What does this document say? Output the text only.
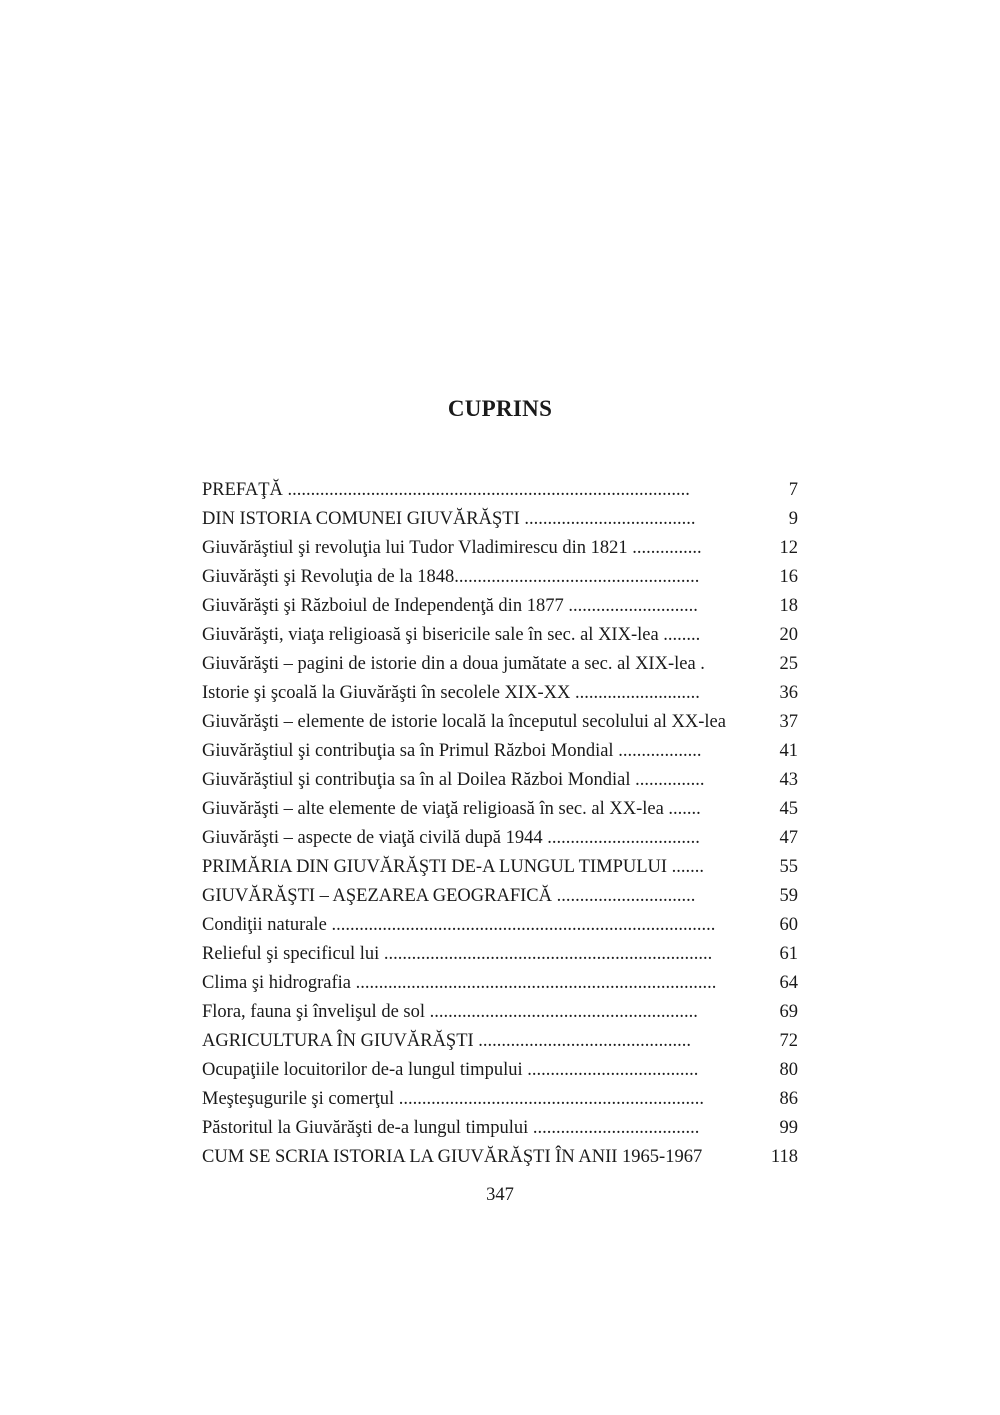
CUPRINS
PREFAŢĂ .......................................................................................	7
DIN ISTORIA COMUNEI GIUVĂRĂŞTI .....................................	9
Giuvărăştiul şi revoluţia lui Tudor Vladimirescu din 1821 ...............	12
Giuvărăşti şi Revoluţia de la 1848.....................................................	16
Giuvărăşti şi Războiul de Independenţă din 1877 ............................	18
Giuvărăşti, viaţa religioasă şi bisericile sale în sec. al XIX-lea ........	20
Giuvărăşti – pagini de istorie din a doua jumătate a sec. al XIX-lea .	25
Istorie şi şcoală la Giuvărăşti în secolele XIX-XX ...........................	36
Giuvărăşti – elemente de istorie locală la începutul secolului al XX-lea	37
Giuvărăştiul şi contribuţia sa în Primul Război Mondial ..................	41
Giuvărăştiul şi contribuţia sa în al Doilea Război Mondial ...............	43
Giuvărăşti – alte elemente de viaţă religioasă în sec. al XX-lea .......	45
Giuvărăşti – aspecte de viaţă civilă după 1944 .................................	47
PRIMĂRIA DIN GIUVĂRĂŞTI DE-A LUNGUL TIMPULUI .......	55
GIUVĂRĂŞTI – AŞEZAREA GEOGRAFICĂ ..............................	59
Condiţii naturale ...................................................................................	60
Relieful şi specificul lui .......................................................................	61
Clima şi hidrografia ..............................................................................	64
Flora, fauna şi învelişul de sol ..........................................................	69
AGRICULTURA ÎN GIUVĂRĂŞTI ..............................................	72
Ocupaţiile locuitorilor de-a lungul timpului .....................................	80
Meşteşugurile şi comerţul ..................................................................	86
Păstoritul la Giuvărăşti de-a lungul timpului ....................................	99
CUM SE SCRIA ISTORIA LA GIUVĂRĂŞTI ÎN ANII 1965-1967	118
347
